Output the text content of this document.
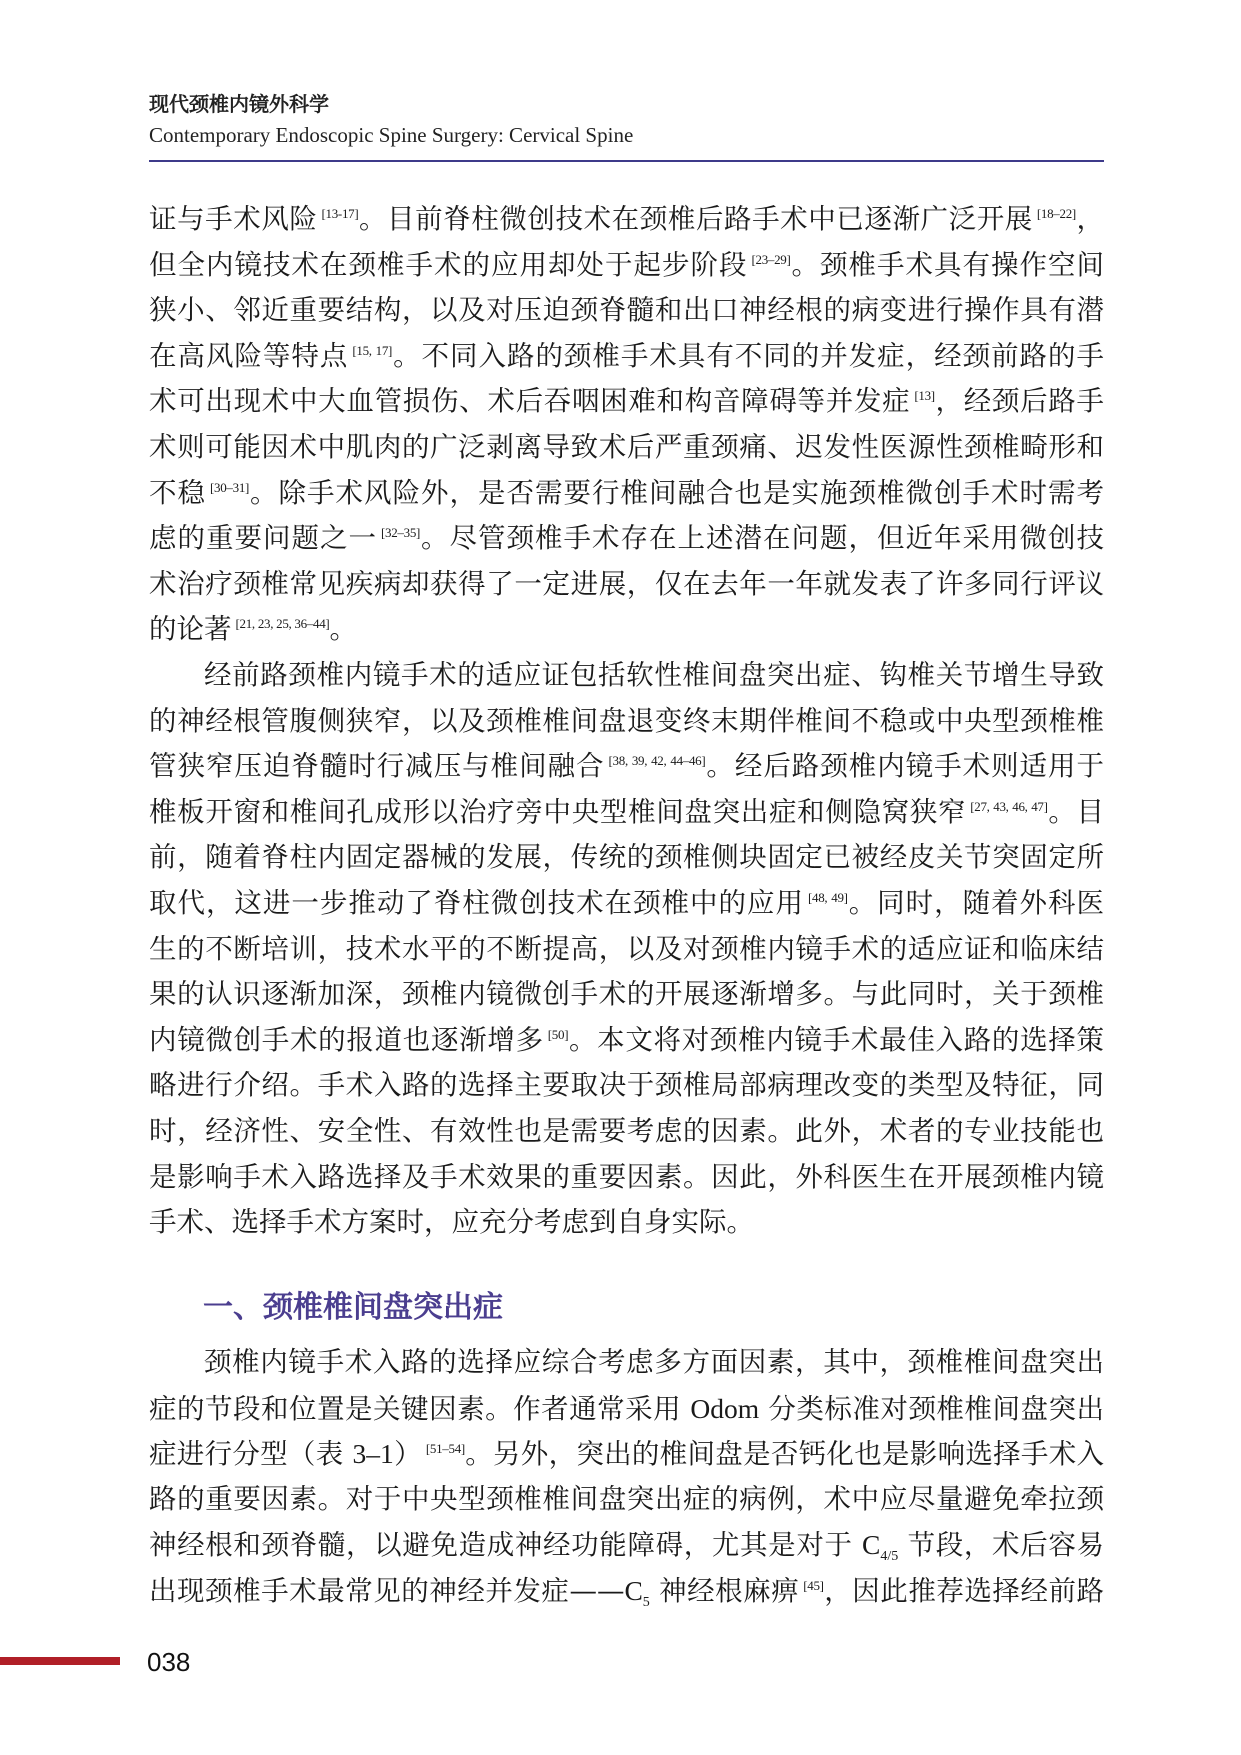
现代颈椎内镜外科学
Contemporary Endoscopic Spine Surgery: Cervical Spine
证与手术风险 [13-17]。目前脊柱微创技术在颈椎后路手术中已逐渐广泛开展 [18–22]，
但全内镜技术在颈椎手术的应用却处于起步阶段 [23–29]。颈椎手术具有操作空间
狭小、邻近重要结构，以及对压迫颈脊髓和出口神经根的病变进行操作具有潜
在高风险等特点 [15, 17]。不同入路的颈椎手术具有不同的并发症，经颈前路的手
术可出现术中大血管损伤、术后吞咽困难和构音障碍等并发症 [13]，经颈后路手
术则可能因术中肌肉的广泛剥离导致术后严重颈痛、迟发性医源性颈椎畸形和
不稳 [30–31]。除手术风险外，是否需要行椎间融合也是实施颈椎微创手术时需考
虑的重要问题之一 [32–35]。尽管颈椎手术存在上述潜在问题，但近年采用微创技
术治疗颈椎常见疾病却获得了一定进展，仅在去年一年就发表了许多同行评议
的论著 [21, 23, 25, 36–44]。
经前路颈椎内镜手术的适应证包括软性椎间盘突出症、钩椎关节增生导致
的神经根管腹侧狭窄，以及颈椎椎间盘退变终末期伴椎间不稳或中央型颈椎椎
管狭窄压迫脊髓时行减压与椎间融合 [38, 39, 42, 44–46]。经后路颈椎内镜手术则适用于
椎板开窗和椎间孔成形以治疗旁中央型椎间盘突出症和侧隐窝狭窄 [27, 43, 46, 47]。目
前，随着脊柱内固定器械的发展，传统的颈椎侧块固定已被经皮关节突固定所
取代，这进一步推动了脊柱微创技术在颈椎中的应用 [48, 49]。同时，随着外科医
生的不断培训，技术水平的不断提高，以及对颈椎内镜手术的适应证和临床结
果的认识逐渐加深，颈椎内镜微创手术的开展逐渐增多。与此同时，关于颈椎
内镜微创手术的报道也逐渐增多 [50]。本文将对颈椎内镜手术最佳入路的选择策
略进行介绍。手术入路的选择主要取决于颈椎局部病理改变的类型及特征，同
时，经济性、安全性、有效性也是需要考虑的因素。此外，术者的专业技能也
是影响手术入路选择及手术效果的重要因素。因此，外科医生在开展颈椎内镜
手术、选择手术方案时，应充分考虑到自身实际。
一、颈椎椎间盘突出症
颈椎内镜手术入路的选择应综合考虑多方面因素，其中，颈椎椎间盘突出
症的节段和位置是关键因素。作者通常采用 Odom 分类标准对颈椎椎间盘突出
症进行分型（表 3–1） [51–54]。另外，突出的椎间盘是否钙化也是影响选择手术入
路的重要因素。对于中央型颈椎椎间盘突出症的病例，术中应尽量避免牵拉颈
神经根和颈脊髓，以避免造成神经功能障碍，尤其是对于 $C_{4/5}$ 节段，术后容易
出现颈椎手术最常见的神经并发症$——C_5$ 神经根麻痹 [45]，因此推荐选择经前路
038
